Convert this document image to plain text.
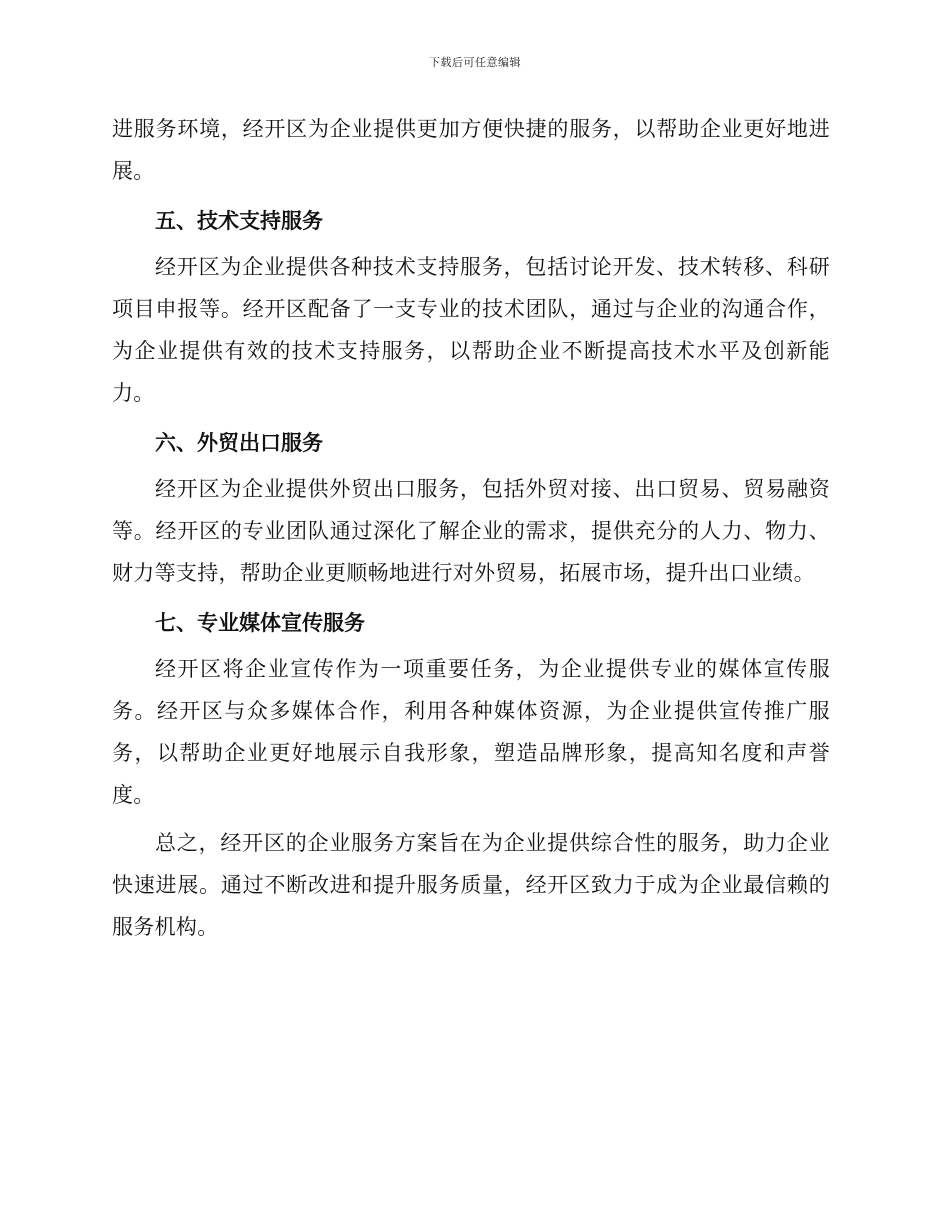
下载后可任意编辑

进服务环境，经开区为企业提供更加方便快捷的服务，以帮助企业更好地进展。

五、技术支持服务

经开区为企业提供各种技术支持服务，包括讨论开发、技术转移、科研项目申报等。经开区配备了一支专业的技术团队，通过与企业的沟通合作，为企业提供有效的技术支持服务，以帮助企业不断提高技术水平及创新能力。

六、外贸出口服务

经开区为企业提供外贸出口服务，包括外贸对接、出口贸易、贸易融资等。经开区的专业团队通过深化了解企业的需求，提供充分的人力、物力、财力等支持，帮助企业更顺畅地进行对外贸易，拓展市场，提升出口业绩。

七、专业媒体宣传服务

经开区将企业宣传作为一项重要任务，为企业提供专业的媒体宣传服务。经开区与众多媒体合作，利用各种媒体资源，为企业提供宣传推广服务，以帮助企业更好地展示自我形象，塑造品牌形象，提高知名度和声誉度。

总之，经开区的企业服务方案旨在为企业提供综合性的服务，助力企业快速进展。通过不断改进和提升服务质量，经开区致力于成为企业最信赖的服务机构。
